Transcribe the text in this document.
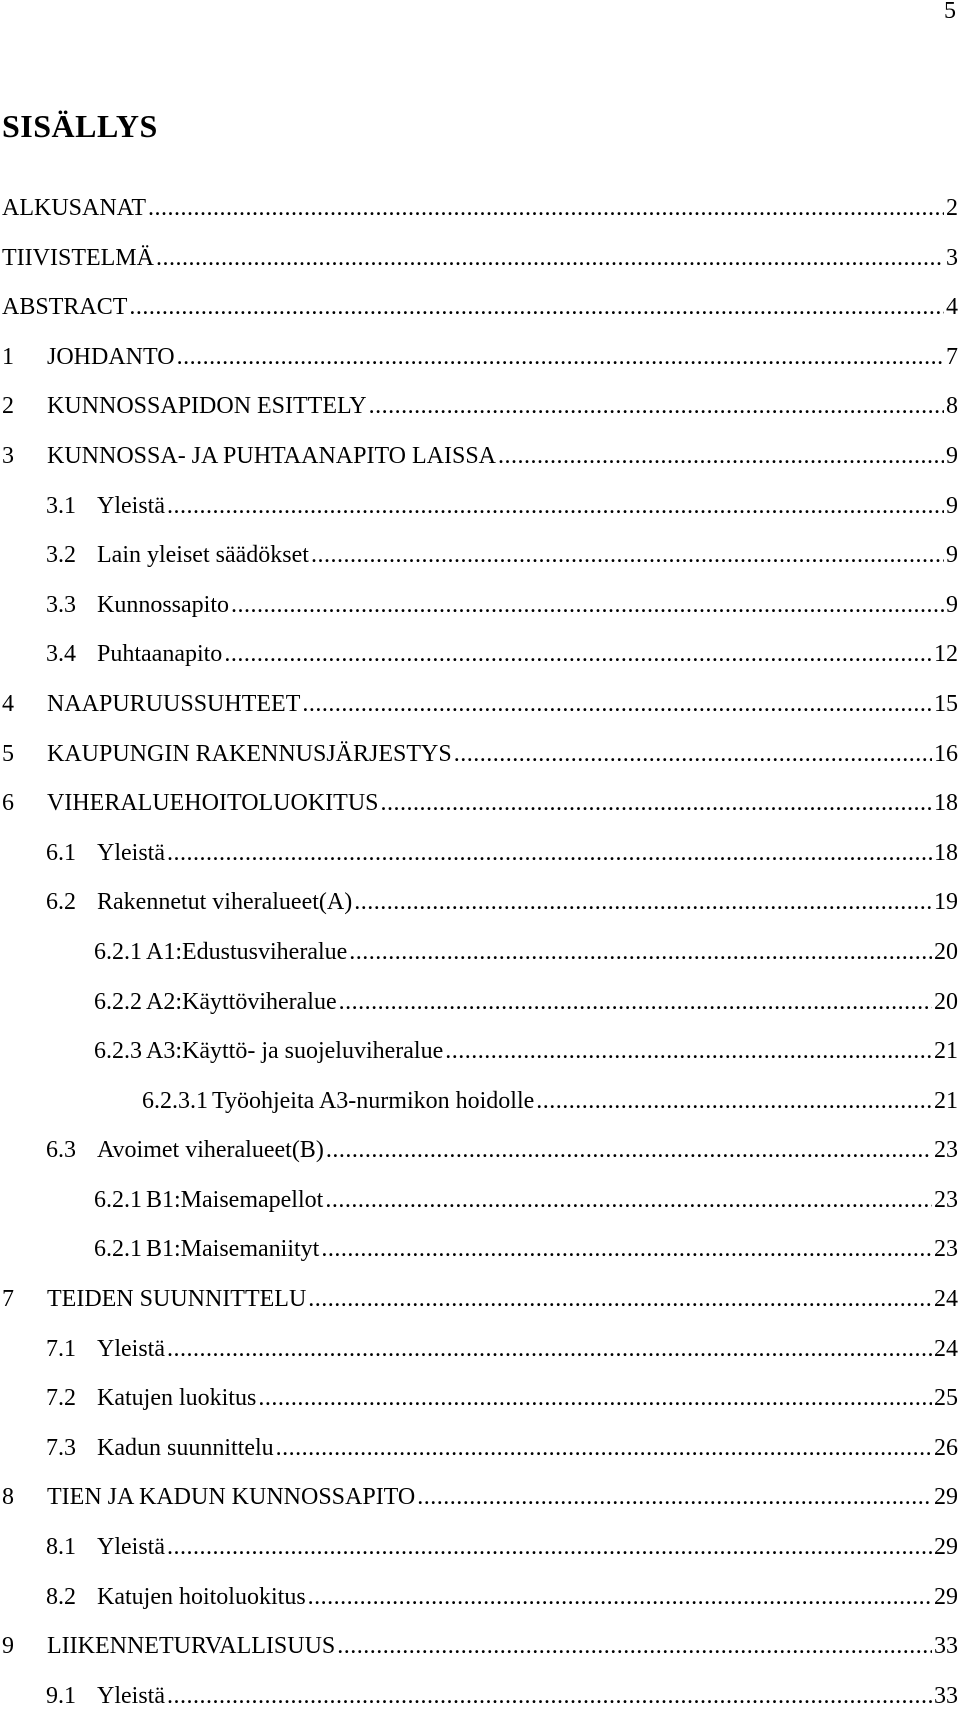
5
SISÄLLYS
ALKUSANAT .....	2
TIIVISTELMÄ .....	3
ABSTRACT .....	4
1	JOHDANTO .....	7
2	KUNNOSSAPIDON ESITTELY .....	8
3	KUNNOSSA- JA PUHTAANAPITO LAISSA .....	9
3.1 Yleistä .....	9
3.2 Lain yleiset säädökset .....	9
3.3 Kunnossapito .....	9
3.4 Puhtaanapito .....	12
4	NAAPURUUSSUHTEET .....	15
5	KAUPUNGIN RAKENNUSJÄRJESTYS .....	16
6	VIHERALUEHOITOLUOKITUS .....	18
6.1 Yleistä .....	18
6.2 Rakennetut viheralueet(A) .....	19
6.2.1 A1:Edustusviheralue .....	20
6.2.2 A2:Käyttöviheralue .....	20
6.2.3 A3:Käyttö- ja suojeluviheralue .....	21
6.2.3.1 Työohjeita A3-nurmikon hoidolle .....	21
6.3 Avoimet viheralueet(B) .....	23
6.2.1 B1:Maisemapellot .....	23
6.2.1 B1:Maisemaniityt .....	23
7	TEIDEN SUUNNITTELU .....	24
7.1 Yleistä .....	24
7.2 Katujen luokitus .....	25
7.3 Kadun suunnittelu .....	26
8	TIEN JA KADUN KUNNOSSAPITO .....	29
8.1 Yleistä .....	29
8.2 Katujen hoitoluokitus .....	29
9	LIIKENNETURVALLISUUS .....	33
9.1 Yleistä .....	33
